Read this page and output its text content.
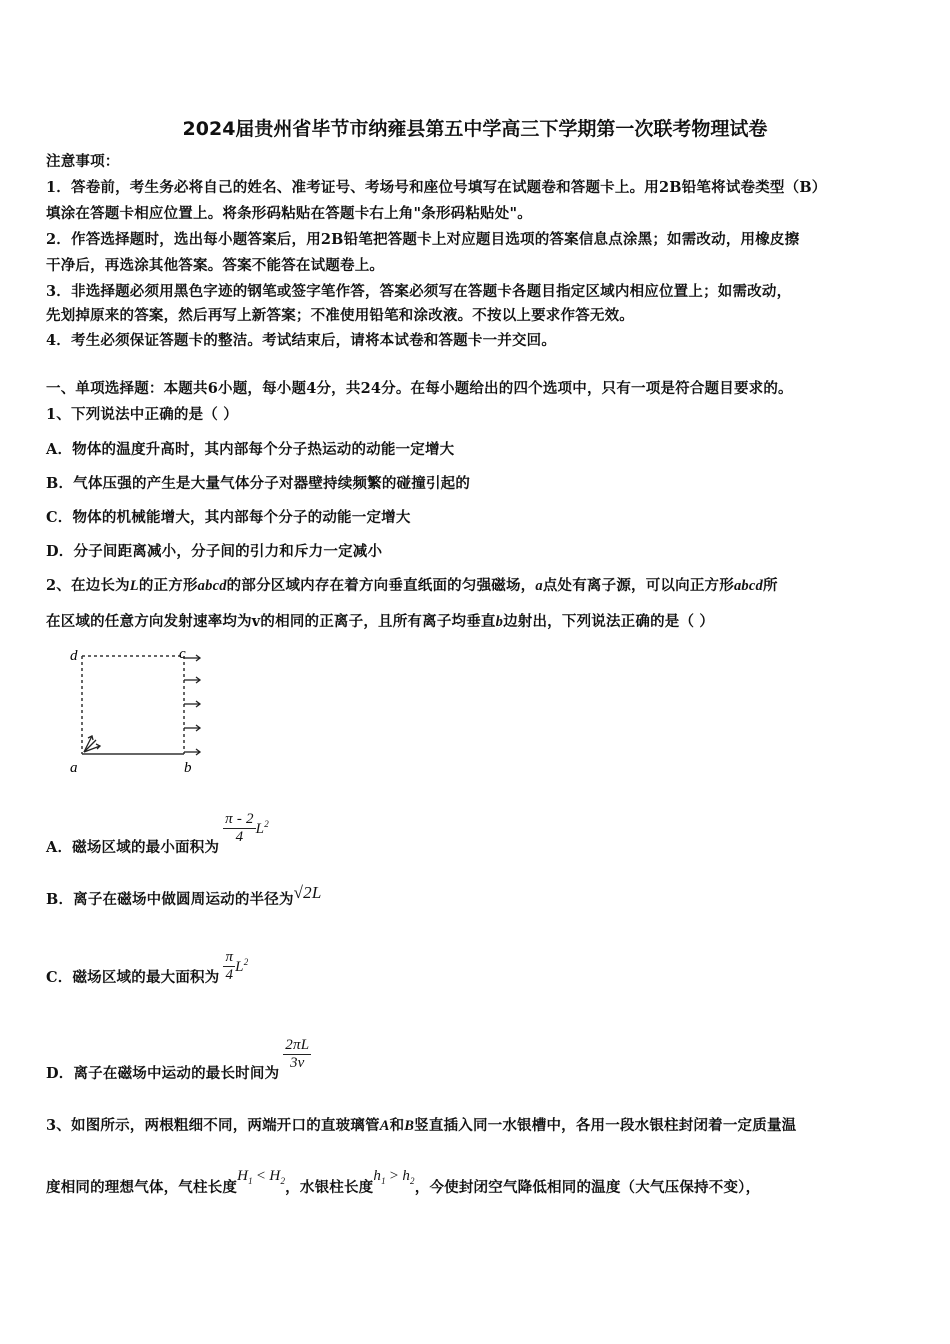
2024届贵州省毕节市纳雍县第五中学高三下学期第一次联考物理试卷
注意事项：
1．答卷前，考生务必将自己的姓名、准考证号、考场号和座位号填写在试题卷和答题卡上。用2B铅笔将试卷类型（B）
填涂在答题卡相应位置上。将条形码粘贴在答题卡右上角"条形码粘贴处"。
2．作答选择题时，选出每小题答案后，用2B铅笔把答题卡上对应题目选项的答案信息点涂黑；如需改动，用橡皮擦
干净后，再选涂其他答案。答案不能答在试题卷上。
3．非选择题必须用黑色字迹的钢笔或签字笔作答，答案必须写在答题卡各题目指定区域内相应位置上；如需改动，
先划掉原来的答案，然后再写上新答案；不准使用铅笔和涂改液。不按以上要求作答无效。
4．考生必须保证答题卡的整洁。考试结束后，请将本试卷和答题卡一并交回。
一、单项选择题：本题共6小题，每小题4分，共24分。在每小题给出的四个选项中，只有一项是符合题目要求的。
1、下列说法中正确的是（ ）
A．物体的温度升高时，其内部每个分子热运动的动能一定增大
B．气体压强的产生是大量气体分子对器壁持续频繁的碰撞引起的
C．物体的机械能增大，其内部每个分子的动能一定增大
D．分子间距离减小，分子间的引力和斥力一定减小
2、在边长为L的正方形abcd的部分区域内存在着方向垂直纸面的匀强磁场，a点处有离子源，可以向正方形abcd所
在区域的任意方向发射速率均为v的相同的正离子，且所有离子均垂直b边射出，下列说法正确的是（ ）
d	c
a	b
A．磁场区域的最小面积为
$\frac{\pi - 2}{4} L^2$
B．离子在磁场中做圆周运动的半径为√2L
C．磁场区域的最大面积为 $\frac{\pi}{4} L^2$
D．离子在磁场中运动的最长时间为
$\frac{2\pi L}{3v}$
3、如图所示，两根粗细不同，两端开口的直玻璃管A和B竖直插入同一水银槽中，各用一段水银柱封闭着一定质量温
度相同的理想气体，气柱长度$H_1 < H_2$，水银柱长度$h_1 > h_2$，今使封闭空气降低相同的温度（大气压保持不变），
